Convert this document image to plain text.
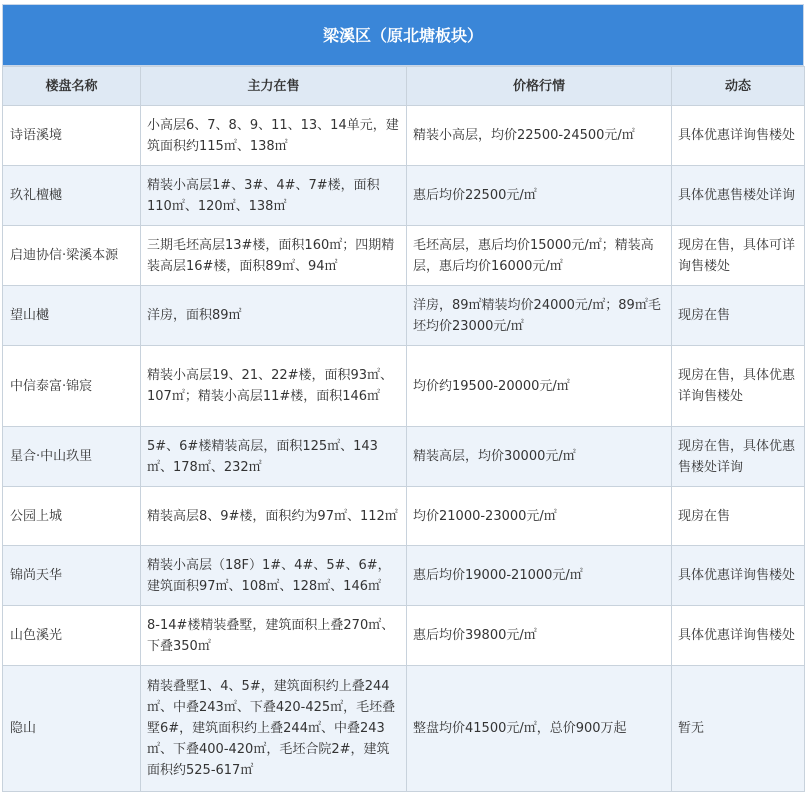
梁溪区（原北塘板块）
楼盘名称	主力在售	价格行情	动态
诗语溪境	小高层6、7、8、9、11、13、14单元，建筑面积约115㎡、138㎡	精装小高层，均价22500-24500元/㎡	具体优惠详询售楼处
玖礼檀樾	精装小高层1#、3#、4#、7#楼，面积110㎡、120㎡、138㎡	惠后均价22500元/㎡	具体优惠售楼处详询
启迪协信·梁溪本源	三期毛坯高层13#楼，面积160㎡；四期精装高层16#楼，面积89㎡、94㎡	毛坯高层，惠后均价15000元/㎡；精装高层，惠后均价16000元/㎡	现房在售，具体可详询售楼处
望山樾	洋房，面积89㎡	洋房，89㎡精装均价24000元/㎡；89㎡毛坯均价23000元/㎡	现房在售
中信泰富·锦宸	精装小高层19、21、22#楼，面积93㎡、107㎡；精装小高层11#楼，面积146㎡	均价约19500-20000元/㎡	现房在售，具体优惠详询售楼处
星合·中山玖里	5#、6#楼精装高层，面积125㎡、143㎡、178㎡、232㎡	精装高层，均价30000元/㎡	现房在售，具体优惠售楼处详询
公园上城	精装高层8、9#楼，面积约为97㎡、112㎡	均价21000-23000元/㎡	现房在售
锦尚天华	精装小高层（18F）1#、4#、5#、6#，建筑面积97㎡、108㎡、128㎡、146㎡	惠后均价19000-21000元/㎡	具体优惠详询售楼处
山色溪光	8-14#楼精装叠墅，建筑面积上叠270㎡、下叠350㎡	惠后均价39800元/㎡	具体优惠详询售楼处
隐山	精装叠墅1、4、5#，建筑面积约上叠244㎡、中叠243㎡、下叠420-425㎡，毛坯叠墅6#，建筑面积约上叠244㎡、中叠243㎡、下叠400-420㎡，毛坯合院2#，建筑面积约525-617㎡	整盘均价41500元/㎡，总价900万起	暂无
